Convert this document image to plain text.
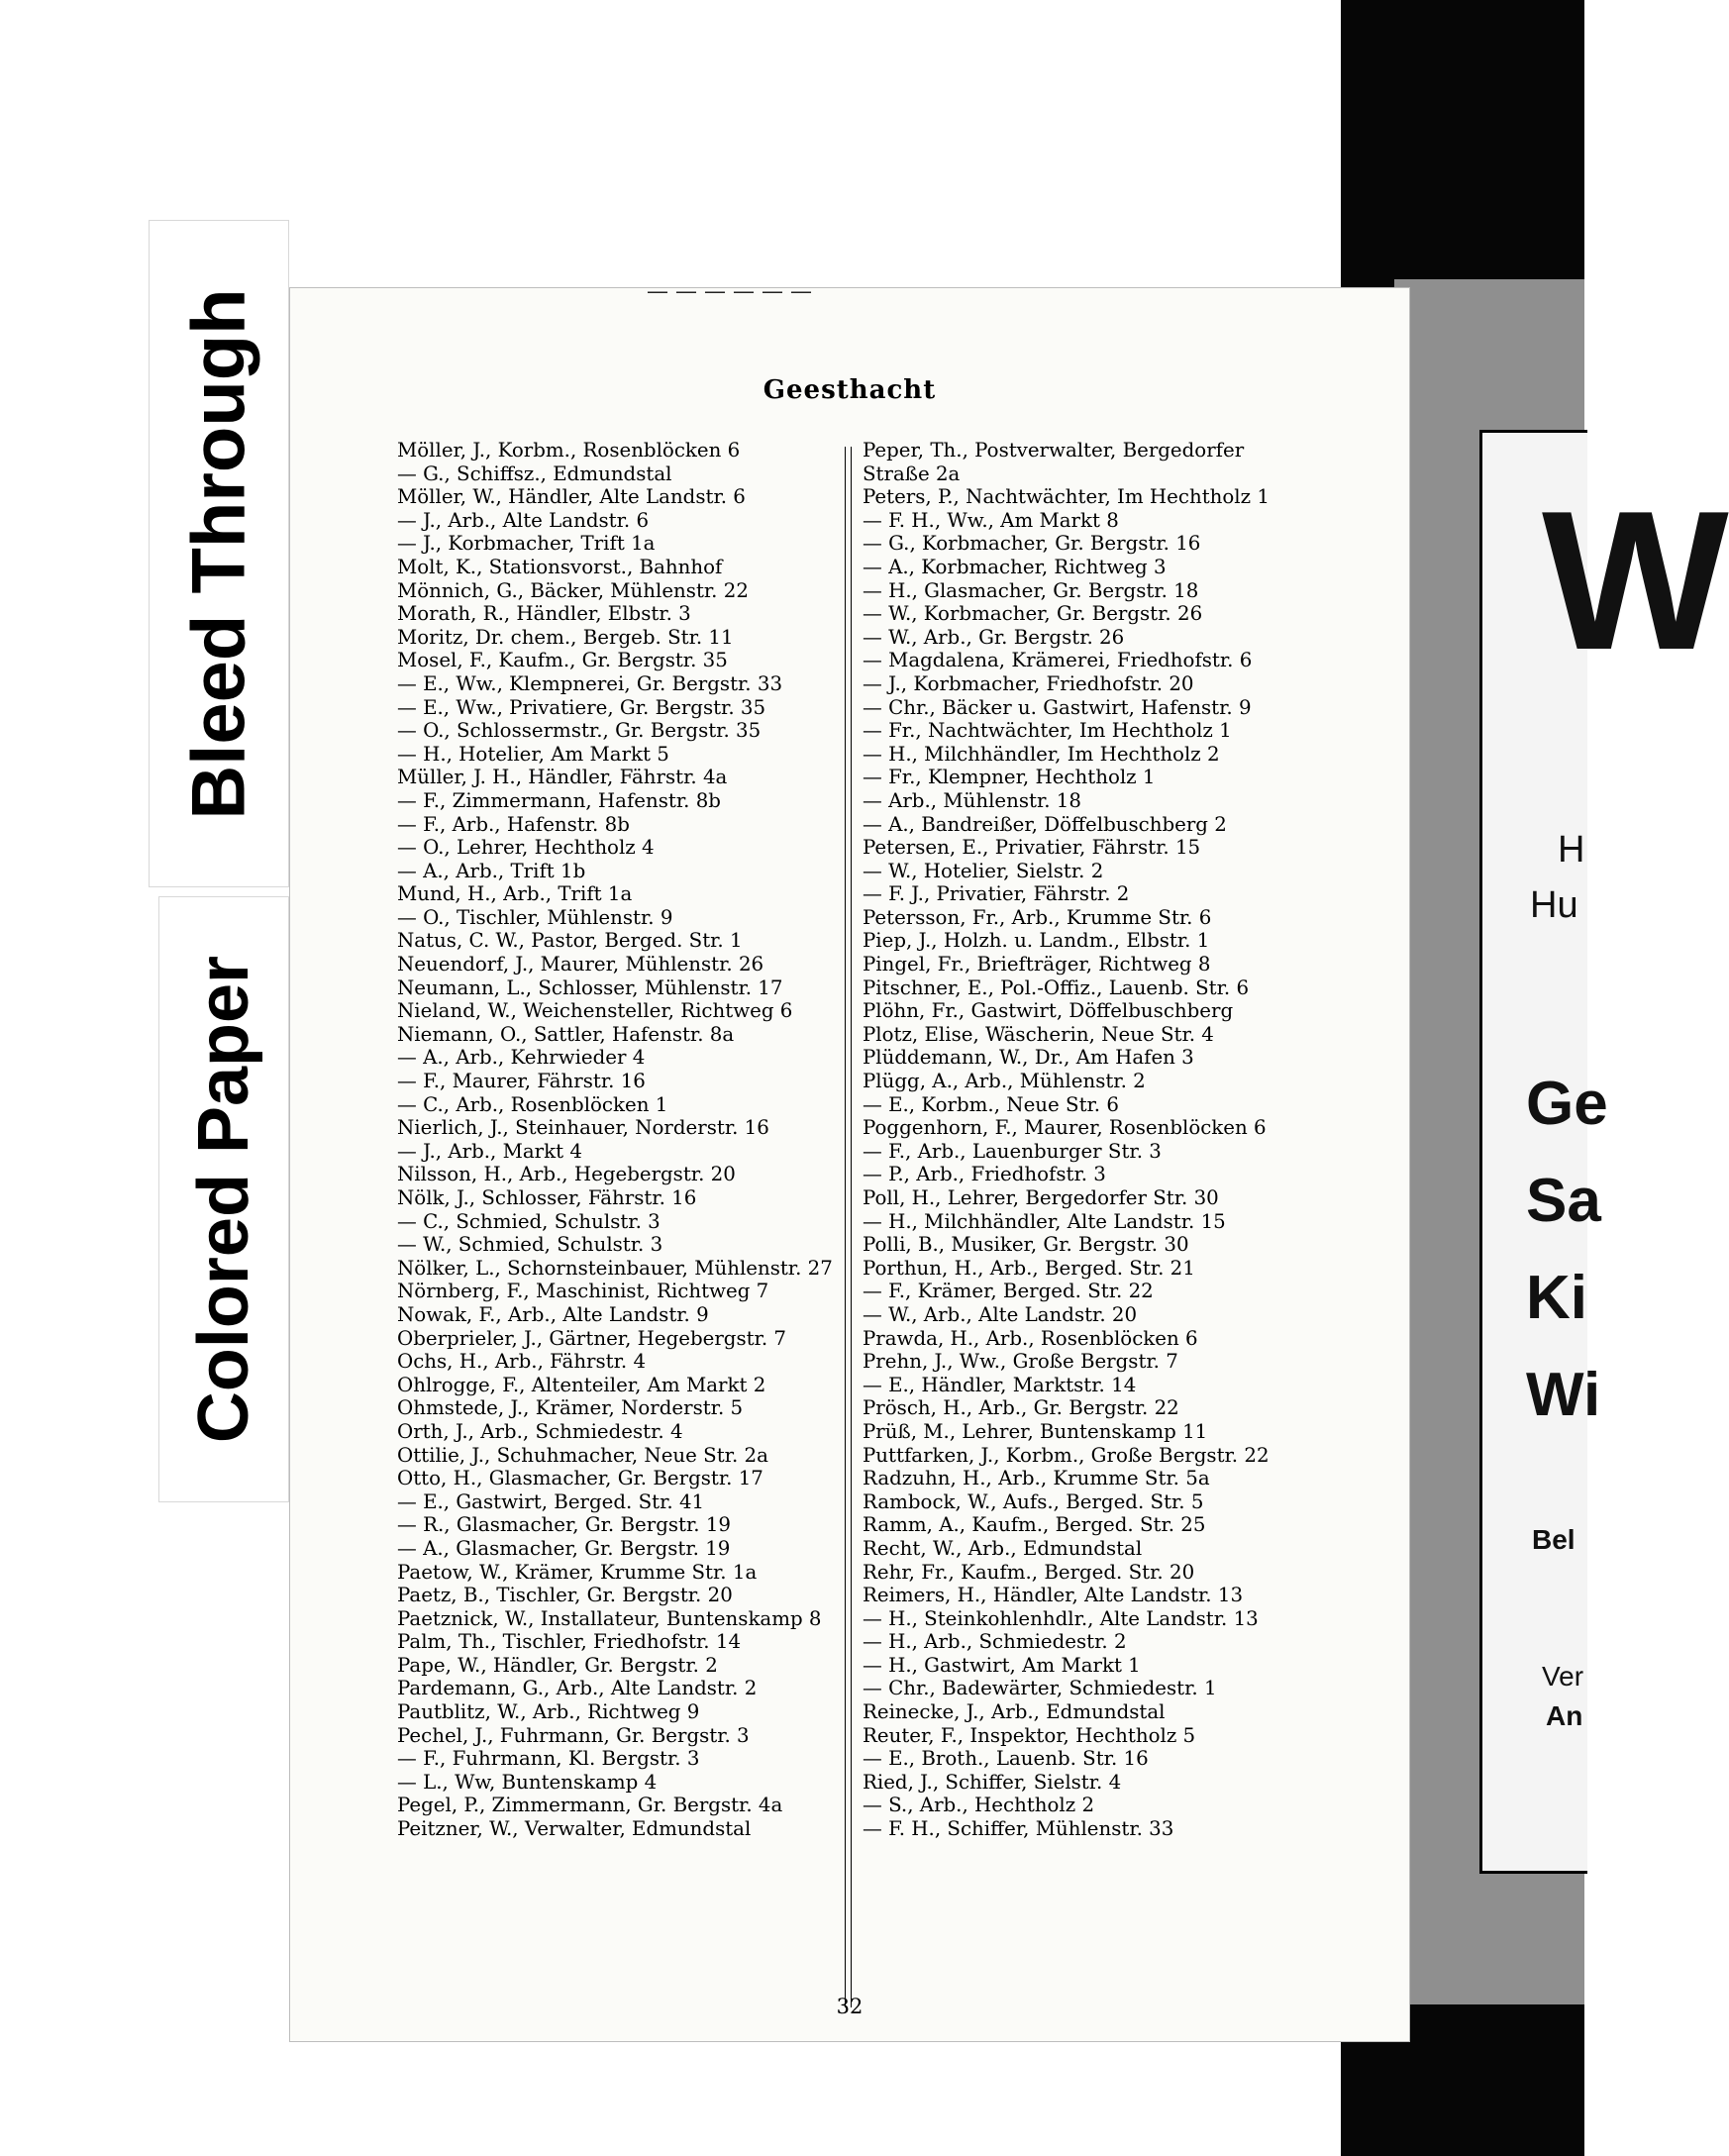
Bleed Through
Colored Paper
W
H
Hu
Ge
Sa
Ki
Wi
Bel
Ver
An
— — — — — —
Geesthacht
Möller, J., Korbm., Rosenblöcken 6
— G., Schiffsz., Edmundstal
Möller, W., Händler, Alte Landstr. 6
— J., Arb., Alte Landstr. 6
— J., Korbmacher, Trift 1a
Molt, K., Stationsvorst., Bahnhof
Mönnich, G., Bäcker, Mühlenstr. 22
Morath, R., Händler, Elbstr. 3
Moritz, Dr. chem., Bergeb. Str. 11
Mosel, F., Kaufm., Gr. Bergstr. 35
— E., Ww., Klempnerei, Gr. Bergstr. 33
— E., Ww., Privatiere, Gr. Bergstr. 35
— O., Schlossermstr., Gr. Bergstr. 35
— H., Hotelier, Am Markt 5
Müller, J. H., Händler, Fährstr. 4a
— F., Zimmermann, Hafenstr. 8b
— F., Arb., Hafenstr. 8b
— O., Lehrer, Hechtholz 4
— A., Arb., Trift 1b
Mund, H., Arb., Trift 1a
— O., Tischler, Mühlenstr. 9
Natus, C. W., Pastor, Berged. Str. 1
Neuendorf, J., Maurer, Mühlenstr. 26
Neumann, L., Schlosser, Mühlenstr. 17
Nieland, W., Weichensteller, Richtweg 6
Niemann, O., Sattler, Hafenstr. 8a
— A., Arb., Kehrwieder 4
— F., Maurer, Fährstr. 16
— C., Arb., Rosenblöcken 1
Nierlich, J., Steinhauer, Norderstr. 16
— J., Arb., Markt 4
Nilsson, H., Arb., Hegebergstr. 20
Nölk, J., Schlosser, Fährstr. 16
— C., Schmied, Schulstr. 3
— W., Schmied, Schulstr. 3
Nölker, L., Schornsteinbauer, Mühlenstr. 27
Nörnberg, F., Maschinist, Richtweg 7
Nowak, F., Arb., Alte Landstr. 9
Oberprieler, J., Gärtner, Hegebergstr. 7
Ochs, H., Arb., Fährstr. 4
Ohlrogge, F., Altenteiler, Am Markt 2
Ohmstede, J., Krämer, Norderstr. 5
Orth, J., Arb., Schmiedestr. 4
Ottilie, J., Schuhmacher, Neue Str. 2a
Otto, H., Glasmacher, Gr. Bergstr. 17
— E., Gastwirt, Berged. Str. 41
— R., Glasmacher, Gr. Bergstr. 19
— A., Glasmacher, Gr. Bergstr. 19
Paetow, W., Krämer, Krumme Str. 1a
Paetz, B., Tischler, Gr. Bergstr. 20
Paetznick, W., Installateur, Buntenskamp 8
Palm, Th., Tischler, Friedhofstr. 14
Pape, W., Händler, Gr. Bergstr. 2
Pardemann, G., Arb., Alte Landstr. 2
Pautblitz, W., Arb., Richtweg 9
Pechel, J., Fuhrmann, Gr. Bergstr. 3
— F., Fuhrmann, Kl. Bergstr. 3
— L., Ww, Buntenskamp 4
Pegel, P., Zimmermann, Gr. Bergstr. 4a
Peitzner, W., Verwalter, Edmundstal
Peper, Th., Postverwalter, Bergedorfer
Straße 2a
Peters, P., Nachtwächter, Im Hechtholz 1
— F. H., Ww., Am Markt 8
— G., Korbmacher, Gr. Bergstr. 16
— A., Korbmacher, Richtweg 3
— H., Glasmacher, Gr. Bergstr. 18
— W., Korbmacher, Gr. Bergstr. 26
— W., Arb., Gr. Bergstr. 26
— Magdalena, Krämerei, Friedhofstr. 6
— J., Korbmacher, Friedhofstr. 20
— Chr., Bäcker u. Gastwirt, Hafenstr. 9
— Fr., Nachtwächter, Im Hechtholz 1
— H., Milchhändler, Im Hechtholz 2
— Fr., Klempner, Hechtholz 1
— Arb., Mühlenstr. 18
— A., Bandreißer, Döffelbuschberg 2
Petersen, E., Privatier, Fährstr. 15
— W., Hotelier, Sielstr. 2
— F. J., Privatier, Fährstr. 2
Petersson, Fr., Arb., Krumme Str. 6
Piep, J., Holzh. u. Landm., Elbstr. 1
Pingel, Fr., Briefträger, Richtweg 8
Pitschner, E., Pol.-Offiz., Lauenb. Str. 6
Plöhn, Fr., Gastwirt, Döffelbuschberg
Plotz, Elise, Wäscherin, Neue Str. 4
Plüddemann, W., Dr., Am Hafen 3
Plügg, A., Arb., Mühlenstr. 2
— E., Korbm., Neue Str. 6
Poggenhorn, F., Maurer, Rosenblöcken 6
— F., Arb., Lauenburger Str. 3
— P., Arb., Friedhofstr. 3
Poll, H., Lehrer, Bergedorfer Str. 30
— H., Milchhändler, Alte Landstr. 15
Polli, B., Musiker, Gr. Bergstr. 30
Porthun, H., Arb., Berged. Str. 21
— F., Krämer, Berged. Str. 22
— W., Arb., Alte Landstr. 20
Prawda, H., Arb., Rosenblöcken 6
Prehn, J., Ww., Große Bergstr. 7
— E., Händler, Marktstr. 14
Prösch, H., Arb., Gr. Bergstr. 22
Prüß, M., Lehrer, Buntenskamp 11
Puttfarken, J., Korbm., Große Bergstr. 22
Radzuhn, H., Arb., Krumme Str. 5a
Rambock, W., Aufs., Berged. Str. 5
Ramm, A., Kaufm., Berged. Str. 25
Recht, W., Arb., Edmundstal
Rehr, Fr., Kaufm., Berged. Str. 20
Reimers, H., Händler, Alte Landstr. 13
— H., Steinkohlenhdlr., Alte Landstr. 13
— H., Arb., Schmiedestr. 2
— H., Gastwirt, Am Markt 1
— Chr., Badewärter, Schmiedestr. 1
Reinecke, J., Arb., Edmundstal
Reuter, F., Inspektor, Hechtholz 5
— E., Broth., Lauenb. Str. 16
Ried, J., Schiffer, Sielstr. 4
— S., Arb., Hechtholz 2
— F. H., Schiffer, Mühlenstr. 33
32
